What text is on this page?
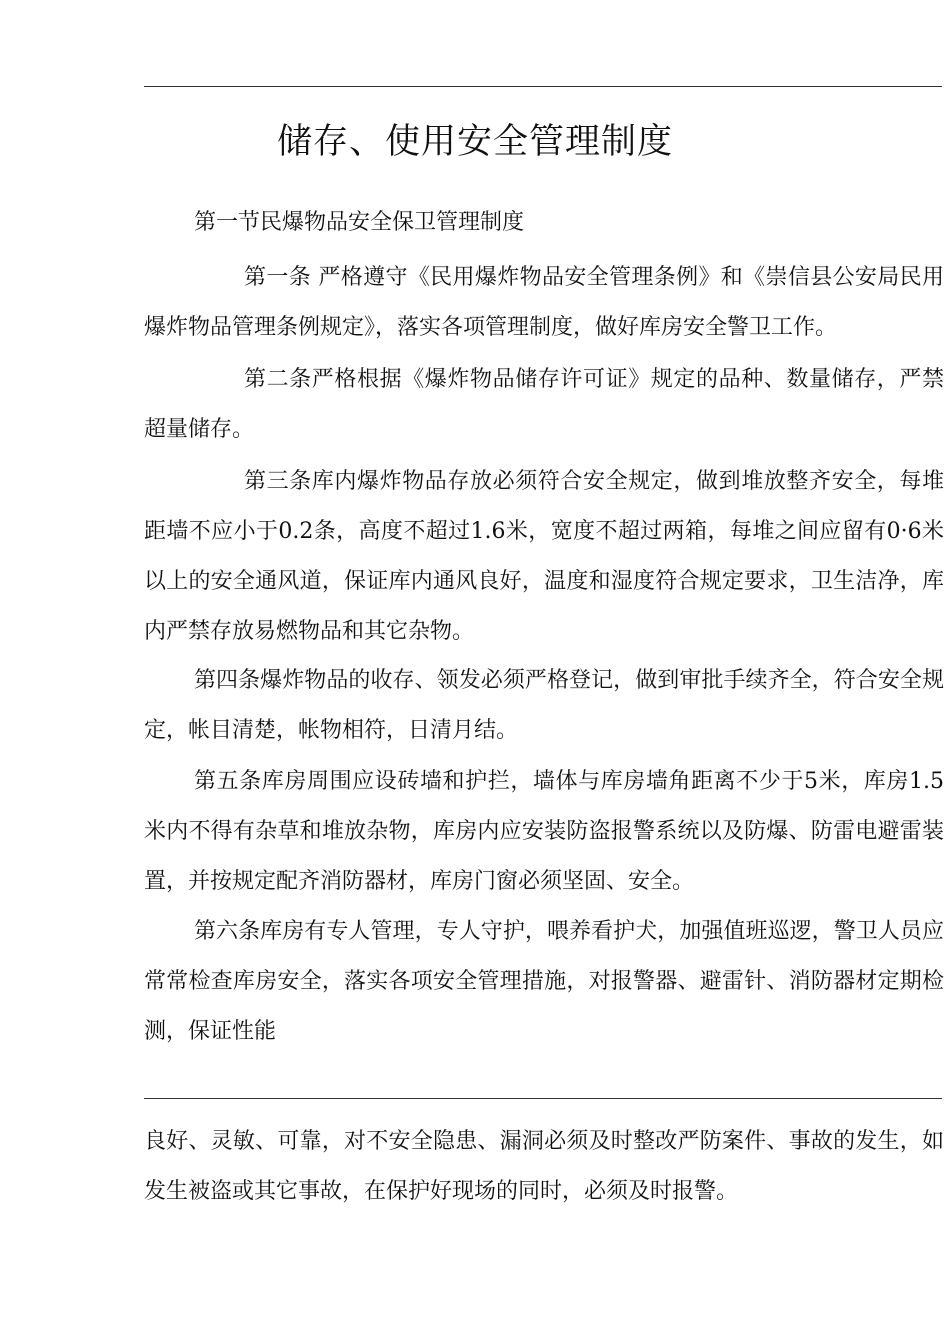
储存、使用安全管理制度
第一节民爆物品安全保卫管理制度
第一条 严格遵守《民用爆炸物品安全管理条例》和《崇信县公安局民用爆炸物品管理条例规定》，落实各项管理制度，做好库房安全警卫工作。
第二条严格根据《爆炸物品储存许可证》规定的品种、数量储存，严禁超量储存。
第三条库内爆炸物品存放必须符合安全规定，做到堆放整齐安全，每堆距墙不应小于0.2条，高度不超过1.6米，宽度不超过两箱，每堆之间应留有0·6米以上的安全通风道，保证库内通风良好，温度和湿度符合规定要求，卫生洁净，库内严禁存放易燃物品和其它杂物。
第四条爆炸物品的收存、领发必须严格登记，做到审批手续齐全，符合安全规定，帐目清楚，帐物相符，日清月结。
第五条库房周围应设砖墙和护拦，墙体与库房墙角距离不少于5米，库房1.5米内不得有杂草和堆放杂物，库房内应安装防盗报警系统以及防爆、防雷电避雷装置，并按规定配齐消防器材，库房门窗必须坚固、安全。
第六条库房有专人管理，专人守护，喂养看护犬，加强值班巡逻，警卫人员应常常检查库房安全，落实各项安全管理措施，对报警器、避雷针、消防器材定期检测，保证性能
良好、灵敏、可靠，对不安全隐患、漏洞必须及时整改严防案件、事故的发生，如发生被盗或其它事故，在保护好现场的同时，必须及时报警。
